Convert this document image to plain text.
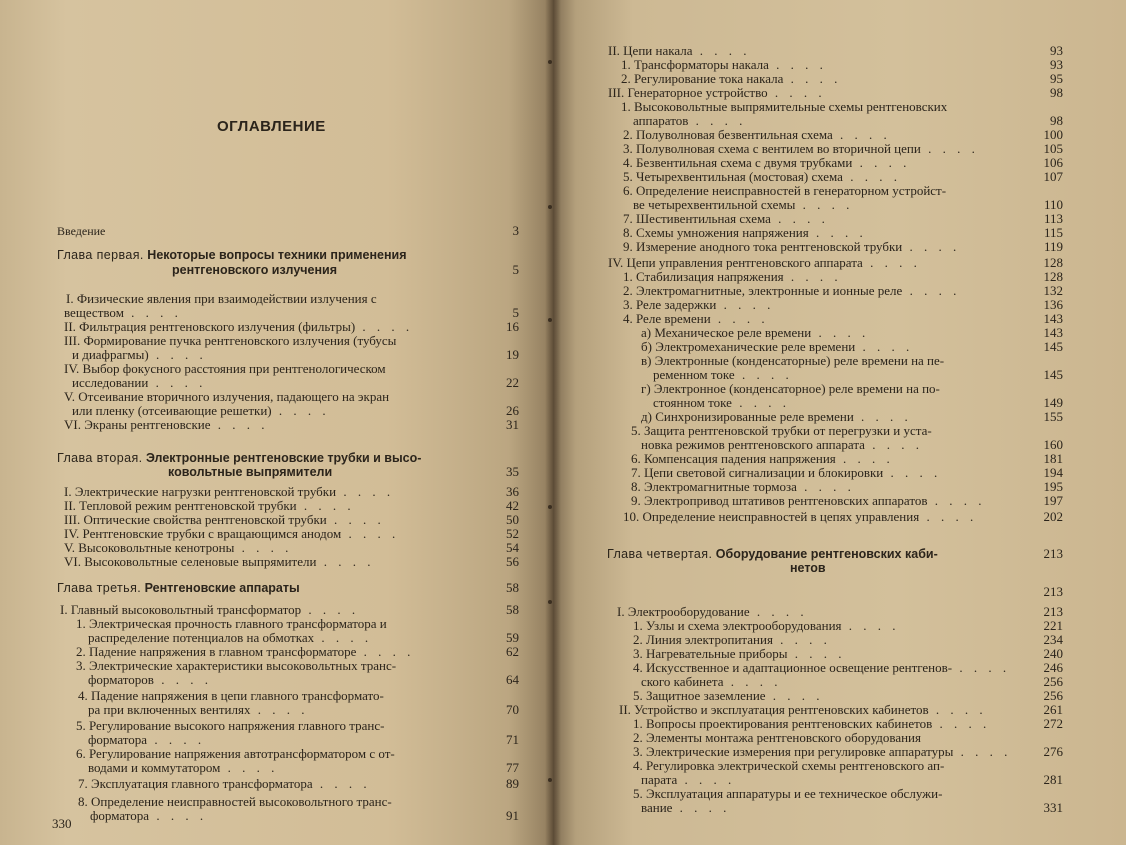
ОГЛАВЛЕНИЕ
Введение	3
Глава первая. Некоторые вопросы техники применения
рентгеновского излучения	5
I. Физические явления при взаимодействии излучения с
веществом . . . .	5
II. Фильтрация рентгеновского излучения (фильтры) . . . .	16
III. Формирование пучка рентгеновского излучения (тубусы
и диафрагмы) . . . .	19
IV. Выбор фокусного расстояния при рентгенологическом
исследовании . . . .	22
V. Отсеивание вторичного излучения, падающего на экран
или пленку (отсеивающие решетки) . . . .	26
VI. Экраны рентгеновские . . . .	31
Глава вторая. Электронные рентгеновские трубки и высо-
ковольтные выпрямители	35
I. Электрические нагрузки рентгеновской трубки . . . .	36
II. Тепловой режим рентгеновской трубки . . . .	42
III. Оптические свойства рентгеновской трубки . . . .	50
IV. Рентгеновские трубки с вращающимся анодом . . . .	52
V. Высоковольтные кенотроны . . . .	54
VI. Высоковольтные селеновые выпрямители . . . .	56
Глава третья. Рентгеновские аппараты	58
I. Главный высоковольтный трансформатор . . . .	58
1. Электрическая прочность главного трансформатора и
распределение потенциалов на обмотках . . . .	59
2. Падение напряжения в главном трансформаторе . . . .	62
3. Электрические характеристики высоковольтных транс-
форматоров . . . .	64
4. Падение напряжения в цепи главного трансформато-
ра при включенных вентилях . . . .	70
5. Регулирование высокого напряжения главного транс-
форматора . . . .	71
6. Регулирование напряжения автотрансформатором с от-
водами и коммутатором . . . .	77
7. Эксплуатация главного трансформатора . . . .	89
8. Определение неисправностей высоковольтного транс-
форматора . . . .	91
330
II. Цепи накала . . . .	93
1. Трансформаторы накала . . . .	93
2. Регулирование тока накала . . . .	95
III. Генераторное устройство . . . .	98
1. Высоковольтные выпрямительные схемы рентгеновских
аппаратов . . . .	98
2. Полуволновая безвентильная схема . . . .	100
3. Полуволновая схема с вентилем во вторичной цепи . . . .	105
4. Безвентильная схема с двумя трубками . . . .	106
5. Четырехвентильная (мостовая) схема . . . .	107
6. Определение неисправностей в генераторном устройст-
ве четырехвентильной схемы . . . .	110
7. Шестивентильная схема . . . .	113
8. Схемы умножения напряжения . . . .	115
9. Измерение анодного тока рентгеновской трубки . . . .	119
IV. Цепи управления рентгеновского аппарата . . . .	128
1. Стабилизация напряжения . . . .	128
2. Электромагнитные, электронные и ионные реле . . . .	132
3. Реле задержки . . . .	136
4. Реле времени . . . .	143
а) Механическое реле времени . . . .	143
б) Электромеханические реле времени . . . .	145
в) Электронные (конденсаторные) реле времени на пе-
ременном токе . . . .	145
г) Электронное (конденсаторное) реле времени на по-
стоянном токе . . . .	149
д) Синхронизированные реле времени . . . .	155
5. Защита рентгеновской трубки от перегрузки и уста-
новка режимов рентгеновского аппарата . . . .	160
6. Компенсация падения напряжения . . . .	181
7. Цепи световой сигнализации и блокировки . . . .	194
8. Электромагнитные тормоза . . . .	195
9. Электропривод штативов рентгеновских аппаратов . . . .	197
10. Определение неисправностей в цепях управления . . . .	202
Глава четвертая. Оборудование рентгеновских каби-	213
нетов
213
I. Электрооборудование . . . .	213
1. Узлы и схема электрооборудования . . . .	221
2. Линия электропитания . . . .	234
3. Нагревательные приборы . . . .	240
4. Искусственное и адаптационное освещение рентгенов- . . . .	246
ского кабинета . . . .	256
5. Защитное заземление . . . .	256
II. Устройство и эксплуатация рентгеновских кабинетов . . . .	261
1. Вопросы проектирования рентгеновских кабинетов . . . .	272
2. Элементы монтажа рентгеновского оборудования
3. Электрические измерения при регулировке аппаратуры . . . .	276
4. Регулировка электрической схемы рентгеновского ап-
парата . . . .	281
5. Эксплуатация аппаратуры и ее техническое обслужи-
вание . . . .	331
